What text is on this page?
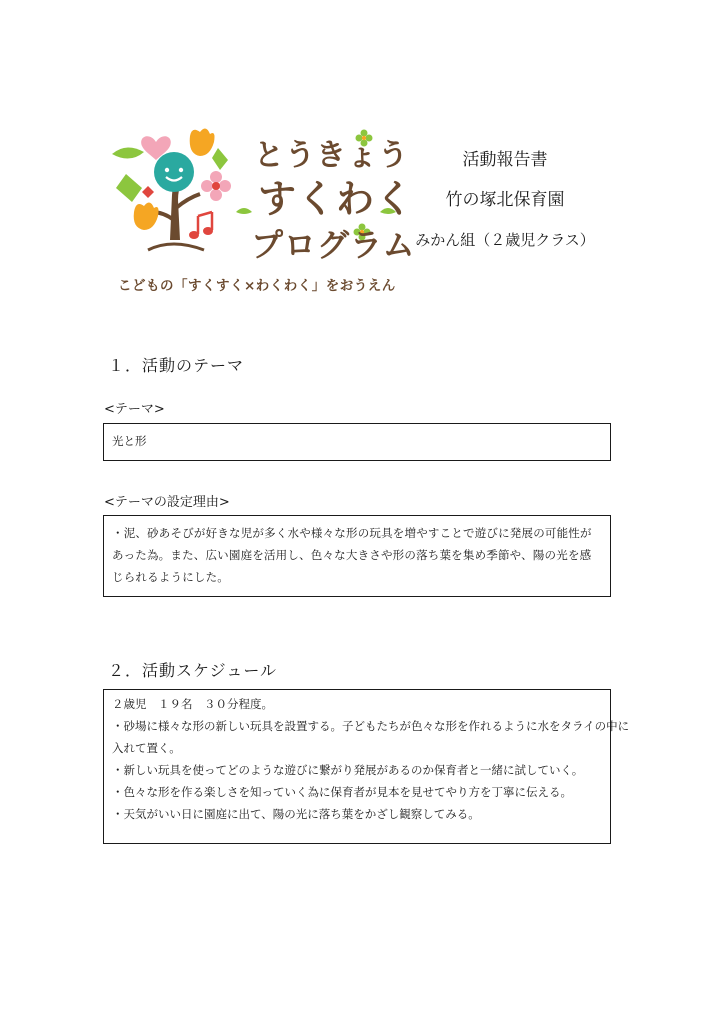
とうきょう
すくわく
プログラム
こどもの「すくすく×わくわく」をおうえん
活動報告書
竹の塚北保育園
みかん組（２歳児クラス）
１．活動のテーマ
<テーマ>

光と形

<テーマの設定理由>

・泥、砂あそびが好きな児が多く水や様々な形の玩具を増やすことで遊びに発展の可能性があった為。また、広い園庭を活用し、色々な大きさや形の落ち葉を集め季節や、陽の光を感じられるようにした。

２．活動スケジュール

２歳児　１９名　３０分程度。

・砂場に様々な形の新しい玩具を設置する。子どもたちが色々な形を作れるように水をタライの中に

入れて置く。

・新しい玩具を使ってどのような遊びに繋がり発展があるのか保育者と一緒に試していく。

・色々な形を作る楽しさを知っていく為に保育者が見本を見せてやり方を丁寧に伝える。

・天気がいい日に園庭に出て、陽の光に落ち葉をかざし観察してみる。
